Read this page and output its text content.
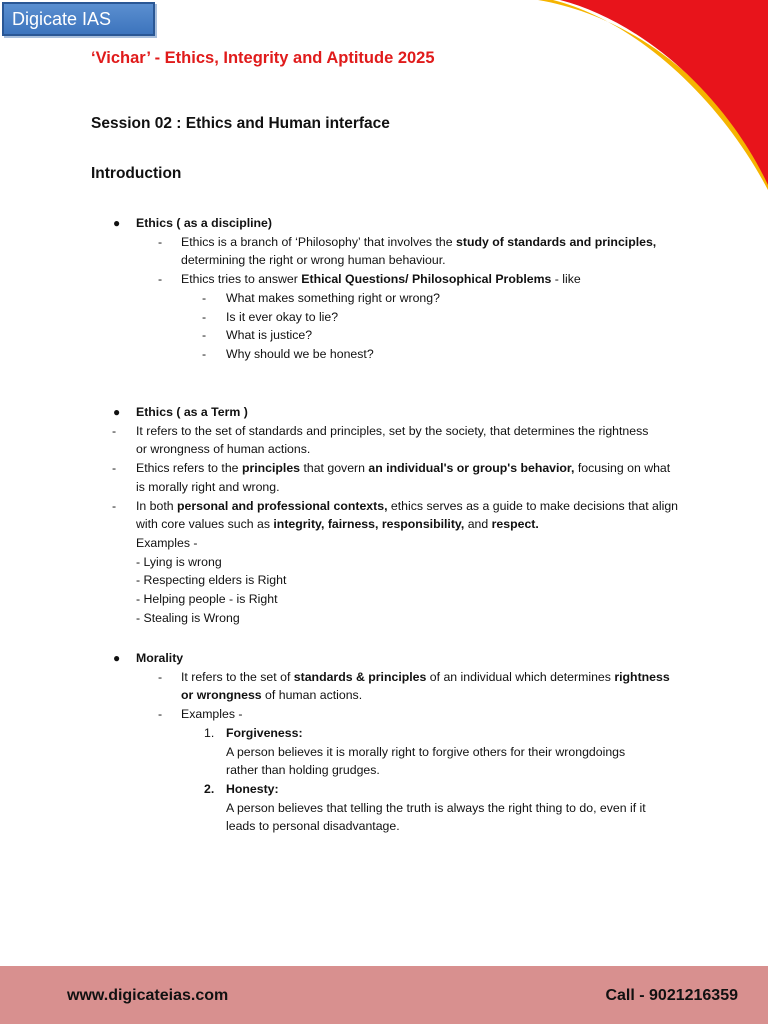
Digicate IAS
‘Vichar’ - Ethics, Integrity and Aptitude 2025
Session 02 : Ethics and Human interface
Introduction
● Ethics ( as a discipline)
- Ethics is a branch of ‘Philosophy’ that involves the study of standards and principles,
determining the right or wrong human behaviour.
- Ethics tries to answer Ethical Questions/ Philosophical Problems - like
- What makes something right or wrong?
- Is it ever okay to lie?
- What is justice?
- Why should we be honest?
● Ethics ( as a Term )
- It refers to the set of standards and principles, set by the society, that determines the rightness
or wrongness of human actions.
- Ethics refers to the principles that govern an individual's or group's behavior, focusing on what
is morally right and wrong.
- In both personal and professional contexts, ethics serves as a guide to make decisions that align
with core values such as integrity, fairness, responsibility, and respect.
Examples -
- Lying is wrong
- Respecting elders is Right
- Helping people - is Right
- Stealing is Wrong
● Morality
- It refers to the set of standards & principles of an individual which determines rightness
or wrongness of human actions.
- Examples -
1. Forgiveness:
A person believes it is morally right to forgive others for their wrongdoings
rather than holding grudges.
2. Honesty:
A person believes that telling the truth is always the right thing to do, even if it
leads to personal disadvantage.
www.digicateias.com	Call - 9021216359
